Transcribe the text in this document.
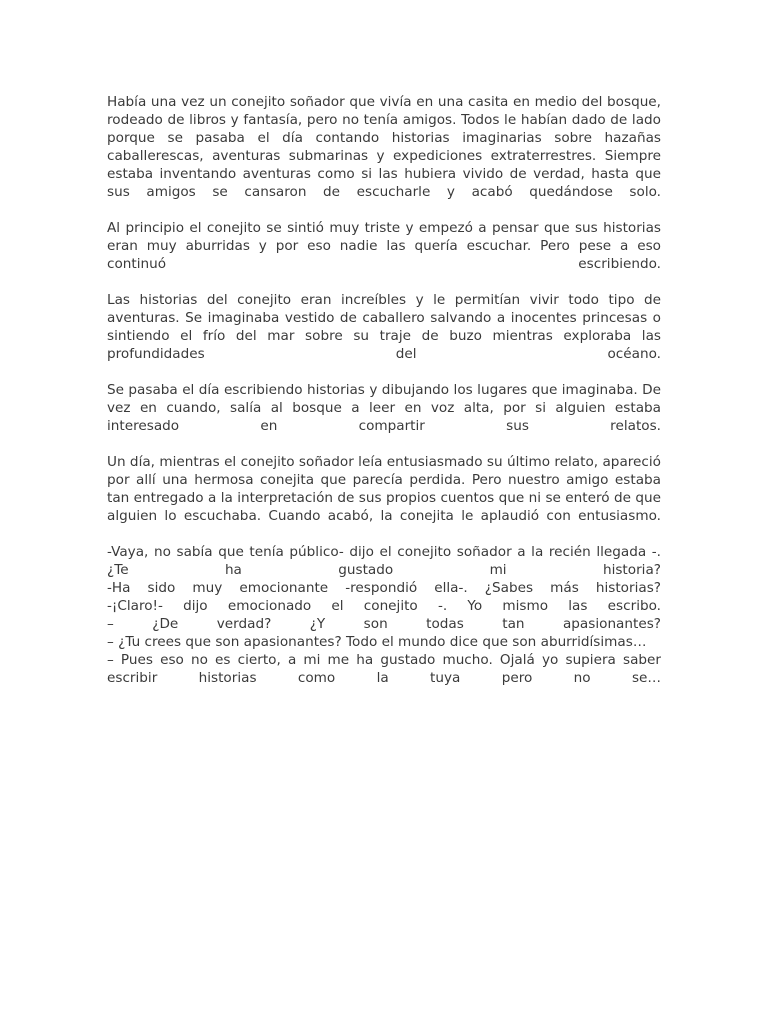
Había una vez un conejito soñador que vivía en una casita en medio del bosque, rodeado de libros y fantasía, pero no tenía amigos. Todos le habían dado de lado porque se pasaba el día contando historias imaginarias sobre hazañas caballerescas, aventuras submarinas y expediciones extraterrestres. Siempre estaba inventando aventuras como si las hubiera vivido de verdad, hasta que sus amigos se cansaron de escucharle y acabó quedándose solo.

Al principio el conejito se sintió muy triste y empezó a pensar que sus historias eran muy aburridas y por eso nadie las quería escuchar. Pero pese a eso continuó escribiendo.

Las historias del conejito eran increíbles y le permitían vivir todo tipo de aventuras. Se imaginaba vestido de caballero salvando a inocentes princesas o sintiendo el frío del mar sobre su traje de buzo mientras exploraba las profundidades del océano.

Se pasaba el día escribiendo historias y dibujando los lugares que imaginaba. De vez en cuando, salía al bosque a leer en voz alta, por si alguien estaba interesado en compartir sus relatos.

Un día, mientras el conejito soñador leía entusiasmado su último relato, apareció por allí una hermosa conejita que parecía perdida. Pero nuestro amigo estaba tan entregado a la interpretación de sus propios cuentos que ni se enteró de que alguien lo escuchaba. Cuando acabó, la conejita le aplaudió con entusiasmo.

-Vaya, no sabía que tenía público- dijo el conejito soñador a la recién llegada -. ¿Te ha gustado mi historia?

-Ha sido muy emocionante -respondió ella-. ¿Sabes más historias?

-¡Claro!- dijo emocionado el conejito -. Yo mismo las escribo.

– ¿De verdad? ¿Y son todas tan apasionantes?

– ¿Tu crees que son apasionantes? Todo el mundo dice que son aburridísimas…

– Pues eso no es cierto, a mi me ha gustado mucho. Ojalá yo supiera saber escribir historias como la tuya pero no se…
